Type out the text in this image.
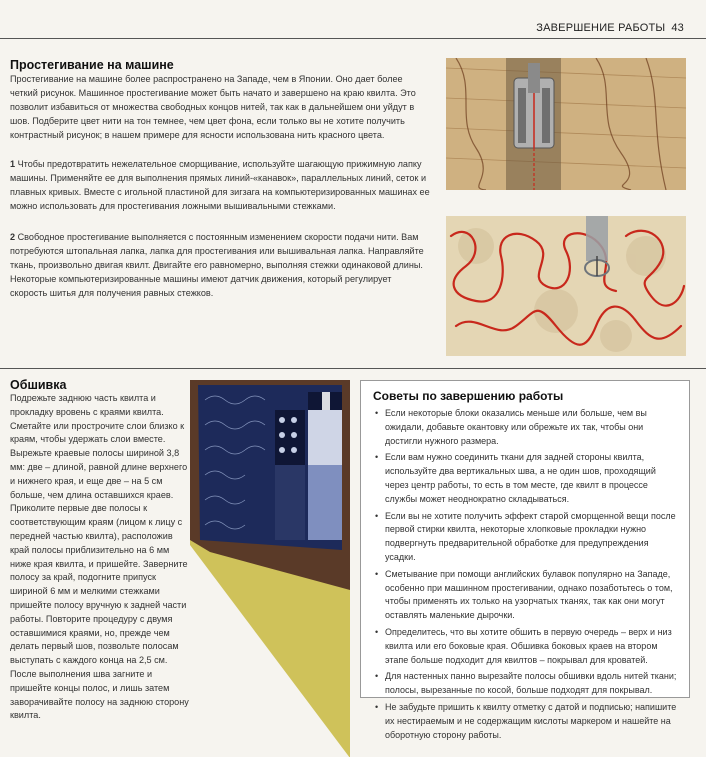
ЗАВЕРШЕНИЕ РАБОТЫ 43
Простегивание на машине

Простегивание на машине более распространено на Западе, чем в Японии. Оно дает более четкий рисунок. Машинное простегивание может быть начато и завершено на краю квилта. Это позволит избавиться от множества свободных концов нитей, так как в дальнейшем они уйдут в шов. Подберите цвет нити на тон темнее, чем цвет фона, если только вы не хотите получить контрастный рисунок; в нашем примере для ясности использована нить красного цвета.

1 Чтобы предотвратить нежелательное сморщивание, используйте шагающую прижимную лапку машины. Применяйте ее для выполнения прямых линий-«канавок», параллельных линий, сеток и плавных кривых. Вместе с игольной пластиной для зигзага на компьютеризированных машинах ее можно использовать для простегивания ложными вышивальными стежками.

2 Свободное простегивание выполняется с постоянным изменением скорости подачи нити. Вам потребуются штопальная лапка, лапка для простегивания или вышивальная лапка. Направляйте ткань, произвольно двигая квилт. Двигайте его равномерно, выполняя стежки одинаковой длины. Некоторые компьютеризированные машины имеют датчик движения, который регулирует скорость шитья для получения равных стежков.

Обшивка

Подрежьте заднюю часть квилта и прокладку вровень с краями квилта. Сметайте или прострочите слои близко к краям, чтобы удержать слои вместе. Вырежьте краевые полосы шириной 3,8 мм: две – длиной, равной длине верхнего и нижнего края, и еще две – на 5 см больше, чем длина оставшихся краев. Приколите первые две полосы к соответствующим краям (лицом к лицу с передней частью квилта), расположив край полосы приблизительно на 6 мм ниже края квилта, и пришейте. Заверните полосу за край, подогните припуск шириной 6 мм и мелкими стежками пришейте полосу вручную к задней части работы. Повторите процедуру с двумя оставшимися краями, но, прежде чем делать первый шов, позвольте полосам выступать с каждого конца на 2,5 см. После выполнения шва загните и пришейте концы полос, и лишь затем заворачивайте полосу на заднюю сторону квилта.

Советы по завершению работы
• Если некоторые блоки оказались меньше или больше, чем вы ожидали, добавьте окантовку или обрежьте их так, чтобы они достигли нужного размера.
• Если вам нужно соединить ткани для задней стороны квилта, используйте два вертикальных шва, а не один шов, проходящий через центр работы, то есть в том месте, где квилт в процессе службы может неоднократно складываться.
• Если вы не хотите получить эффект старой сморщенной вещи после первой стирки квилта, некоторые хлопковые прокладки нужно подвергнуть предварительной обработке для предупреждения усадки.
• Сметывание при помощи английских булавок популярно на Западе, особенно при машинном простегивании, однако позаботьтесь о том, чтобы применять их только на узорчатых тканях, так как они могут оставлять маленькие дырочки.
• Определитесь, что вы хотите обшить в первую очередь – верх и низ квилта или его боковые края. Обшивка боковых краев на втором этапе больше подходит для квилтов – покрывал для кроватей.
• Для настенных панно вырезайте полосы обшивки вдоль нитей ткани; полосы, вырезанные по косой, больше подходят для покрывал.
• Не забудьте пришить к квилту отметку с датой и подписью; напишите их нестираемым и не содержащим кислоты маркером и нашейте на оборотную сторону работы.
